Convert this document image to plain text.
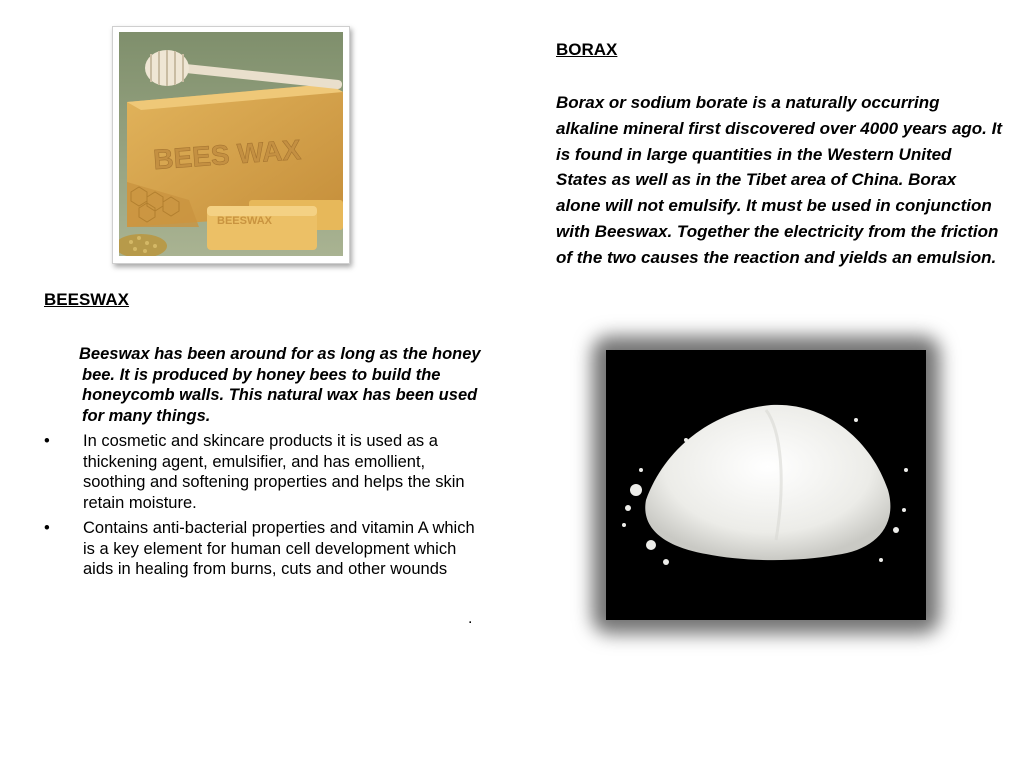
BEES WAX
BEESWAX
BEESWAX

Beeswax has been around for as long as the honey bee. It is produced by honey bees to build the honeycomb walls. This natural wax has been used for many things.

• In cosmetic and skincare products it is used as a thickening agent, emulsifier, and has emollient, soothing and softening properties and helps the skin retain moisture.
• Contains anti-bacterial properties and vitamin A which is a key element for human cell development which aids in healing from burns, cuts and other wounds
.
BORAX

Borax or sodium borate is a naturally occurring alkaline mineral first discovered over 4000 years ago. It is found in large quantities in the Western United States as well as in the Tibet area of China. Borax alone will not emulsify. It must be used in conjunction with Beeswax. Together the electricity from the friction of the two causes the reaction and yields an emulsion.
